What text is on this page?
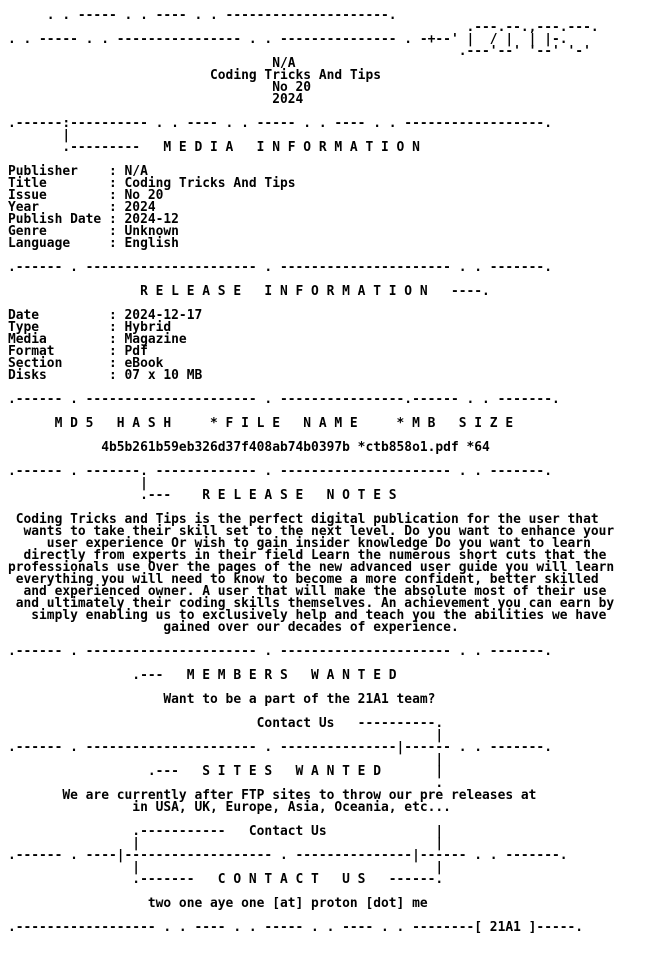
. . ----- . . ---- . . ---------------------.
.---.--.,---.---.
. . ----- . . ---------------- . . --------------- . -+--' |  / |  | |-.
.---'--' '--' '-'
N/A
Coding Tricks And Tips
No 20
2024

.------:---------- . . ---- . . ----- . . ---- . . ------------------.
|
.---------   M E D I A   I N F O R M A T I O N

Publisher    : N/A
Title        : Coding Tricks And Tips
Issue        : No 20
Year         : 2024
Publish Date : 2024-12
Genre        : Unknown
Language     : English

.------ . ---------------------- . ---------------------- . . -------.

R E L E A S E   I N F O R M A T I O N   ----.

Date         : 2024-12-17
Type         : Hybrid
Media        : Magazine
Format       : Pdf
Section      : eBook
Disks        : 07 x 10 MB

.------ . ---------------------- . ----------------.------ . . -------.

M D 5   H A S H     * F I L E   N A M E     * M B   S I Z E

4b5b261b59eb326d37f408ab74b0397b *ctb858o1.pdf *64

.------ . -------. ------------- . ---------------------- . . -------.
|
.---    R E L E A S E   N O T E S

Coding Tricks and Tips is the perfect digital publication for the user that
wants to take their skill set to the next level. Do you want to enhance your
user experience Or wish to gain insider knowledge Do you want to learn
directly from experts in their field Learn the numerous short cuts that the
professionals use Over the pages of the new advanced user guide you will learn
everything you will need to know to become a more confident, better skilled
and experienced owner. A user that will make the absolute most of their use
and ultimately their coding skills themselves. An achievement you can earn by
simply enabling us to exclusively help and teach you the abilities we have
gained over our decades of experience.

.------ . ---------------------- . ---------------------- . . -------.

.---   M E M B E R S   W A N T E D

Want to be a part of the 21A1 team?

Contact Us   ----------.
|
.------ . ---------------------- . ---------------|------ . . -------.
|
.---   S I T E S   W A N T E D       |
.
We are currently after FTP sites to throw our pre releases at
in USA, UK, Europe, Asia, Oceania, etc...

.-----------   Contact Us              |
|                                      |
.------ . ----|------------------- . ---------------|------ . . -------.
|                                      |
.-------   C O N T A C T   U S   ------.

two one aye one [at] proton [dot] me

.------------------ . . ---- . . ----- . . ---- . . --------[ 21A1 ]-----.
